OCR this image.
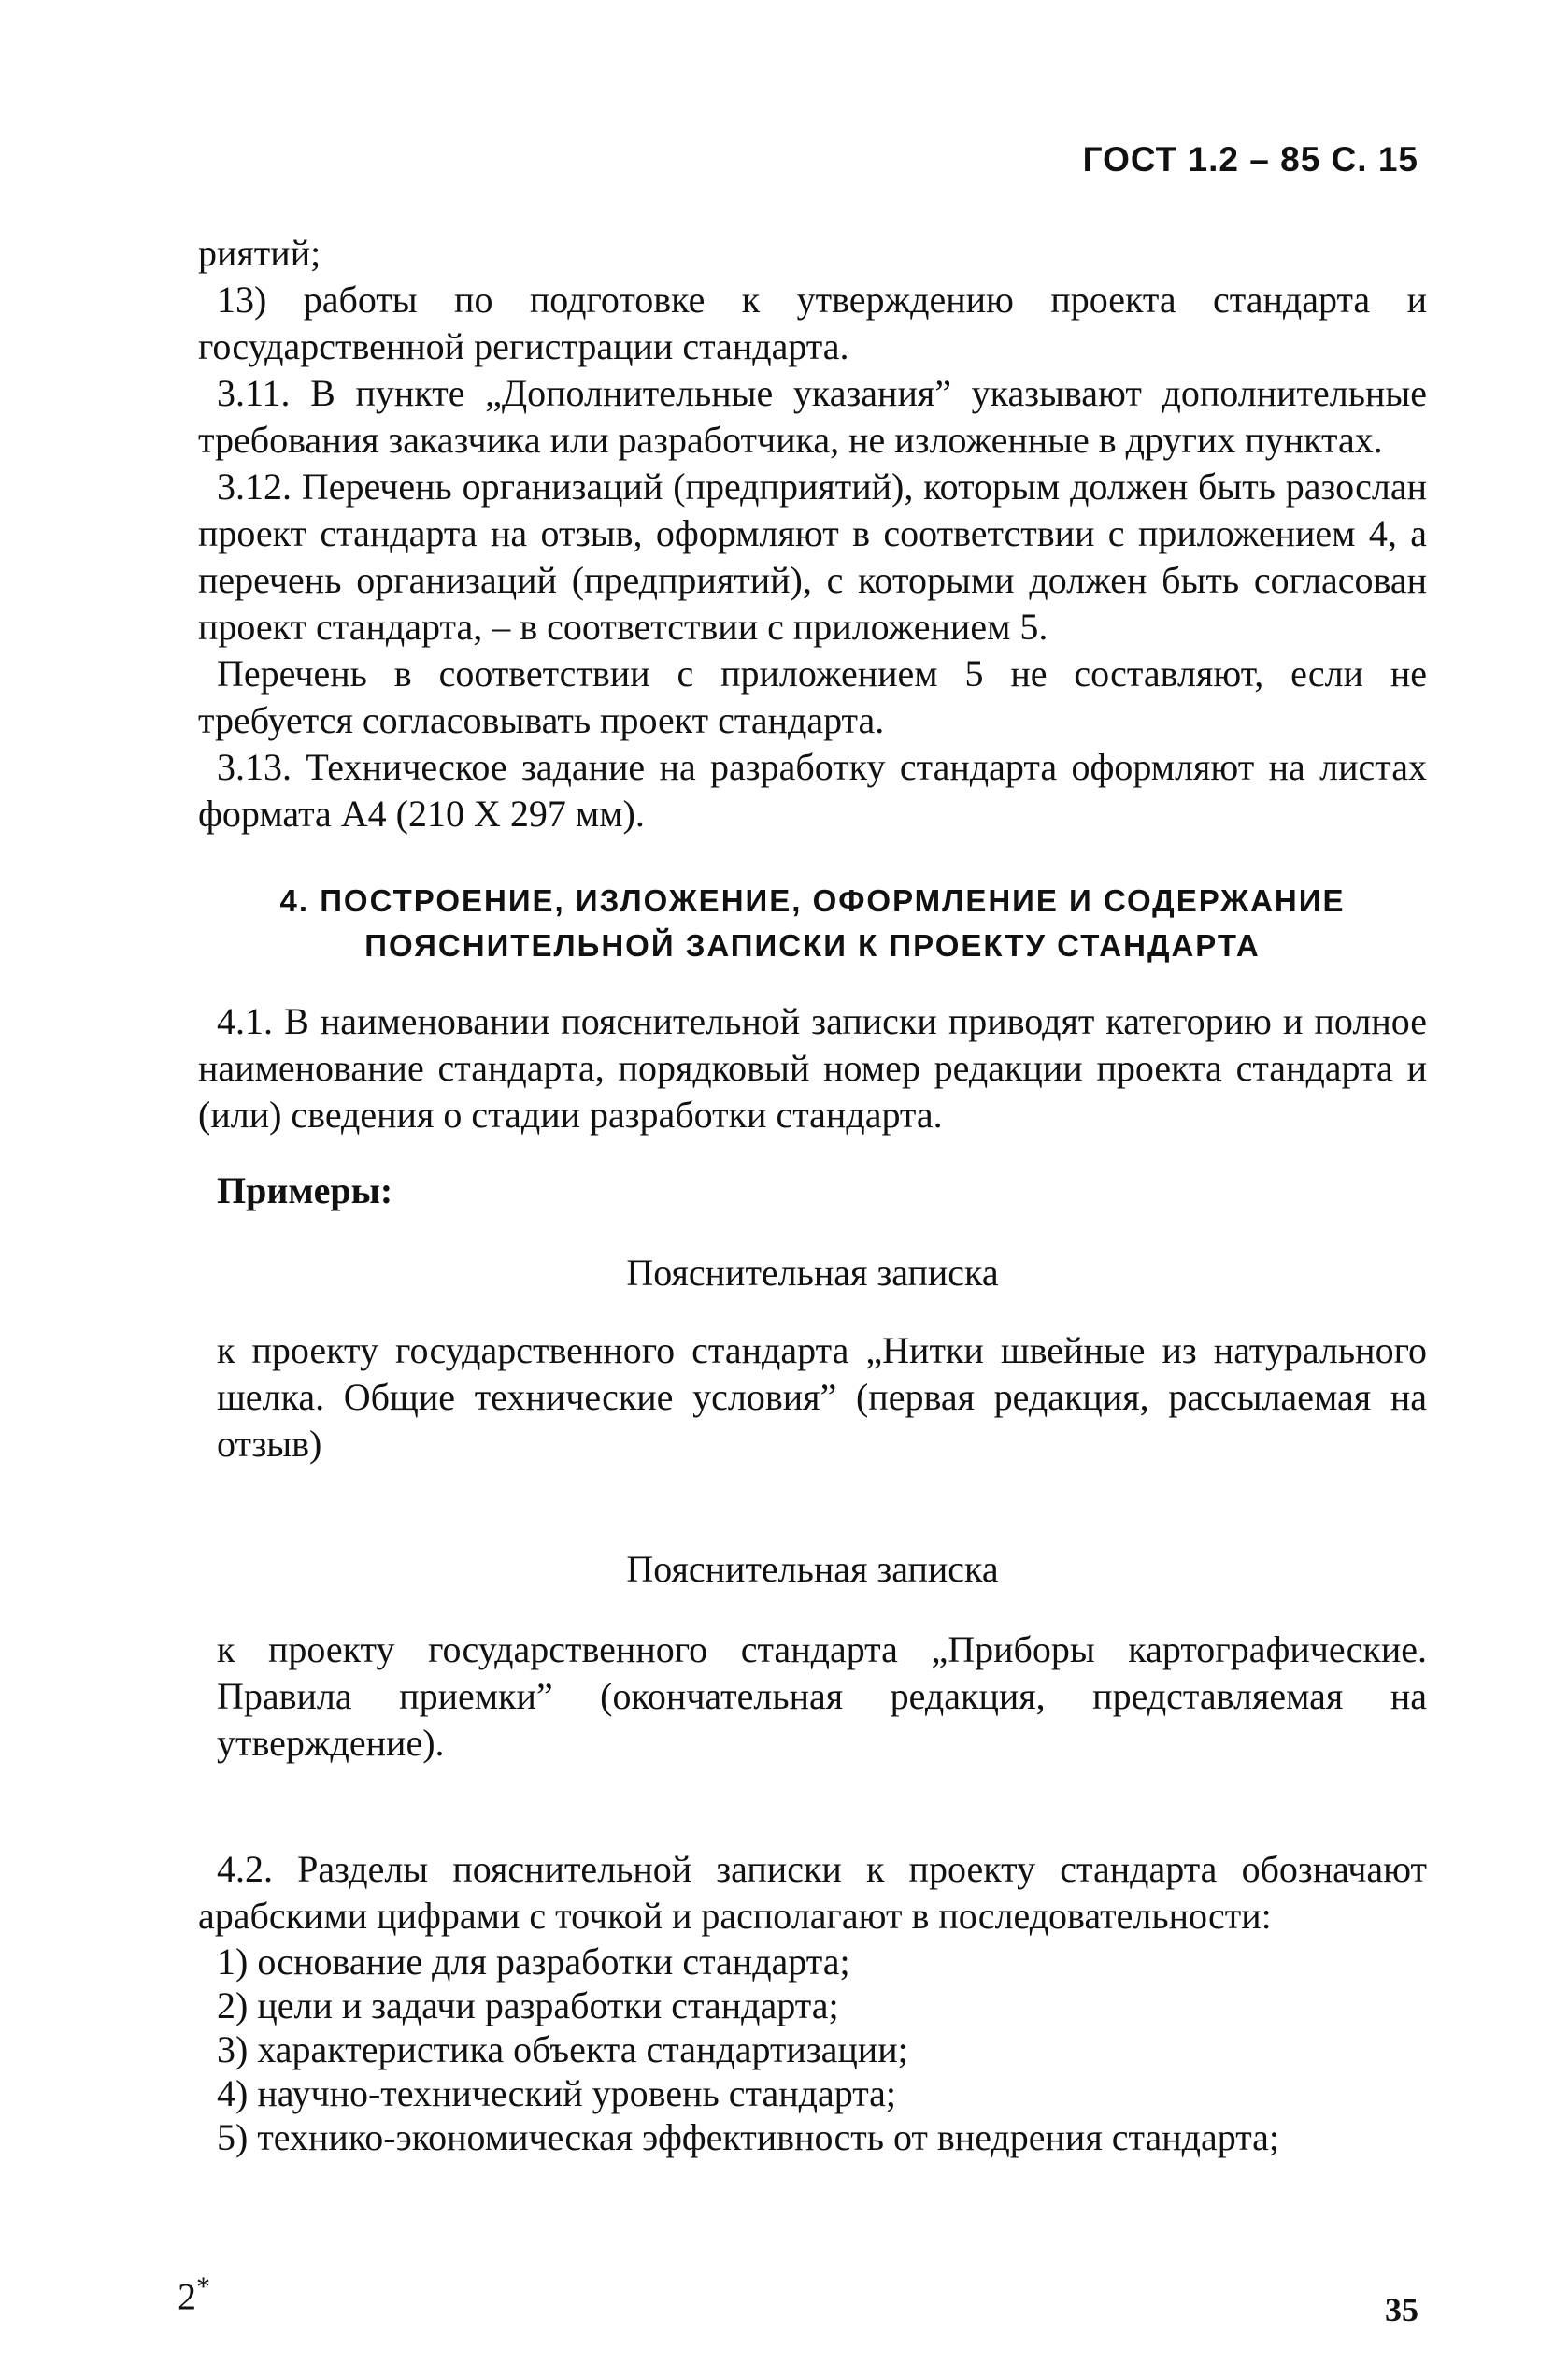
ГОСТ 1.2 – 85 С. 15

риятий;

13) работы по подготовке к утверждению проекта стандарта и государственной регистрации стандарта.

3.11. В пункте „Дополнительные указания” указывают дополнительные требования заказчика или разработчика, не изложенные в других пунктах.

3.12. Перечень организаций (предприятий), которым должен быть разослан проект стандарта на отзыв, оформляют в соответствии с приложением 4, а перечень организаций (предприятий), с которыми должен быть согласован проект стандарта, – в соответствии с приложением 5.

Перечень в соответствии с приложением 5 не составляют, если не требуется согласовывать проект стандарта.

3.13. Техническое задание на разработку стандарта оформляют на листах формата А4 (210 X 297 мм).

4. ПОСТРОЕНИЕ, ИЗЛОЖЕНИЕ, ОФОРМЛЕНИЕ И СОДЕРЖАНИЕ
ПОЯСНИТЕЛЬНОЙ ЗАПИСКИ К ПРОЕКТУ СТАНДАРТА

4.1. В наименовании пояснительной записки приводят категорию и полное наименование стандарта, порядковый номер редакции проекта стандарта и (или) сведения о стадии разработки стандарта.

Примеры:
Пояснительная записка
к проекту государственного стандарта „Нитки швейные из натурального шелка. Общие технические условия” (первая редакция, рассылаемая на отзыв)
Пояснительная записка
к проекту государственного стандарта „Приборы картографические. Правила приемки” (окончательная редакция, представляемая на утверждение).

4.2. Разделы пояснительной записки к проекту стандарта обозначают арабскими цифрами с точкой и располагают в последовательности:

1) основание для разработки стандарта;
2) цели и задачи разработки стандарта;
3) характеристика объекта стандартизации;
4) научно-технический уровень стандарта;
5) технико-экономическая эффективность от внедрения стандарта;
2*
35
